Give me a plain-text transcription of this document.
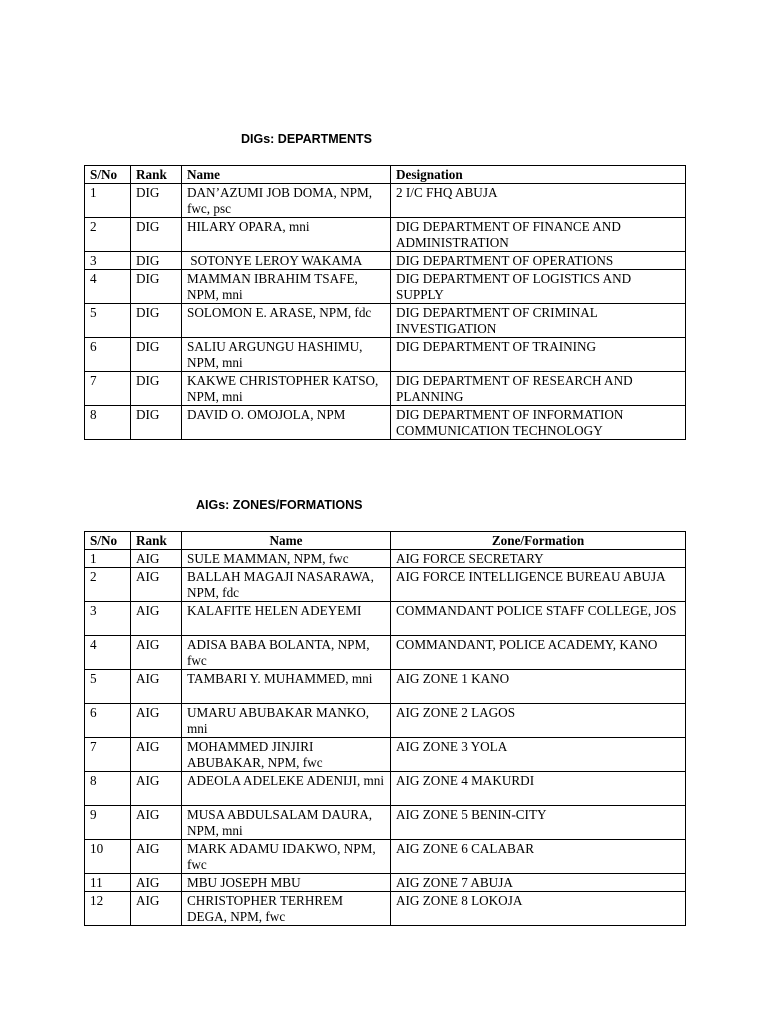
DIGs: DEPARTMENTS
S/No	Rank	Name	Designation
1	DIG	DAN’AZUMI JOB DOMA, NPM, fwc, psc	2 I/C FHQ ABUJA
2	DIG	HILARY OPARA, mni	DIG DEPARTMENT OF FINANCE AND ADMINISTRATION
3	DIG	SOTONYE LEROY WAKAMA	DIG DEPARTMENT OF OPERATIONS
4	DIG	MAMMAN IBRAHIM TSAFE, NPM, mni	DIG DEPARTMENT OF LOGISTICS AND SUPPLY
5	DIG	SOLOMON E. ARASE, NPM, fdc	DIG DEPARTMENT OF CRIMINAL INVESTIGATION
6	DIG	SALIU ARGUNGU HASHIMU, NPM, mni	DIG DEPARTMENT OF TRAINING
7	DIG	KAKWE CHRISTOPHER KATSO, NPM, mni	DIG DEPARTMENT OF RESEARCH AND PLANNING
8	DIG	DAVID O. OMOJOLA, NPM	DIG DEPARTMENT OF INFORMATION COMMUNICATION TECHNOLOGY
AIGs: ZONES/FORMATIONS
S/No	Rank	Name	Zone/Formation
1	AIG	SULE MAMMAN, NPM, fwc	AIG FORCE SECRETARY
2	AIG	BALLAH MAGAJI NASARAWA, NPM, fdc	AIG FORCE INTELLIGENCE BUREAU ABUJA
3	AIG	KALAFITE HELEN ADEYEMI	COMMANDANT POLICE STAFF COLLEGE, JOS
4	AIG	ADISA BABA BOLANTA, NPM, fwc	COMMANDANT, POLICE ACADEMY, KANO
5	AIG	TAMBARI Y. MUHAMMED, mni	AIG ZONE 1 KANO
6	AIG	UMARU ABUBAKAR MANKO, mni	AIG ZONE 2 LAGOS
7	AIG	MOHAMMED JINJIRI ABUBAKAR, NPM, fwc	AIG ZONE 3 YOLA
8	AIG	ADEOLA ADELEKE ADENIJI, mni	AIG ZONE 4 MAKURDI
9	AIG	MUSA ABDULSALAM DAURA, NPM, mni	AIG ZONE 5 BENIN-CITY
10	AIG	MARK ADAMU IDAKWO, NPM, fwc	AIG ZONE 6 CALABAR
11	AIG	MBU JOSEPH MBU	AIG ZONE 7 ABUJA
12	AIG	CHRISTOPHER TERHREM DEGA, NPM, fwc	AIG ZONE 8 LOKOJA
